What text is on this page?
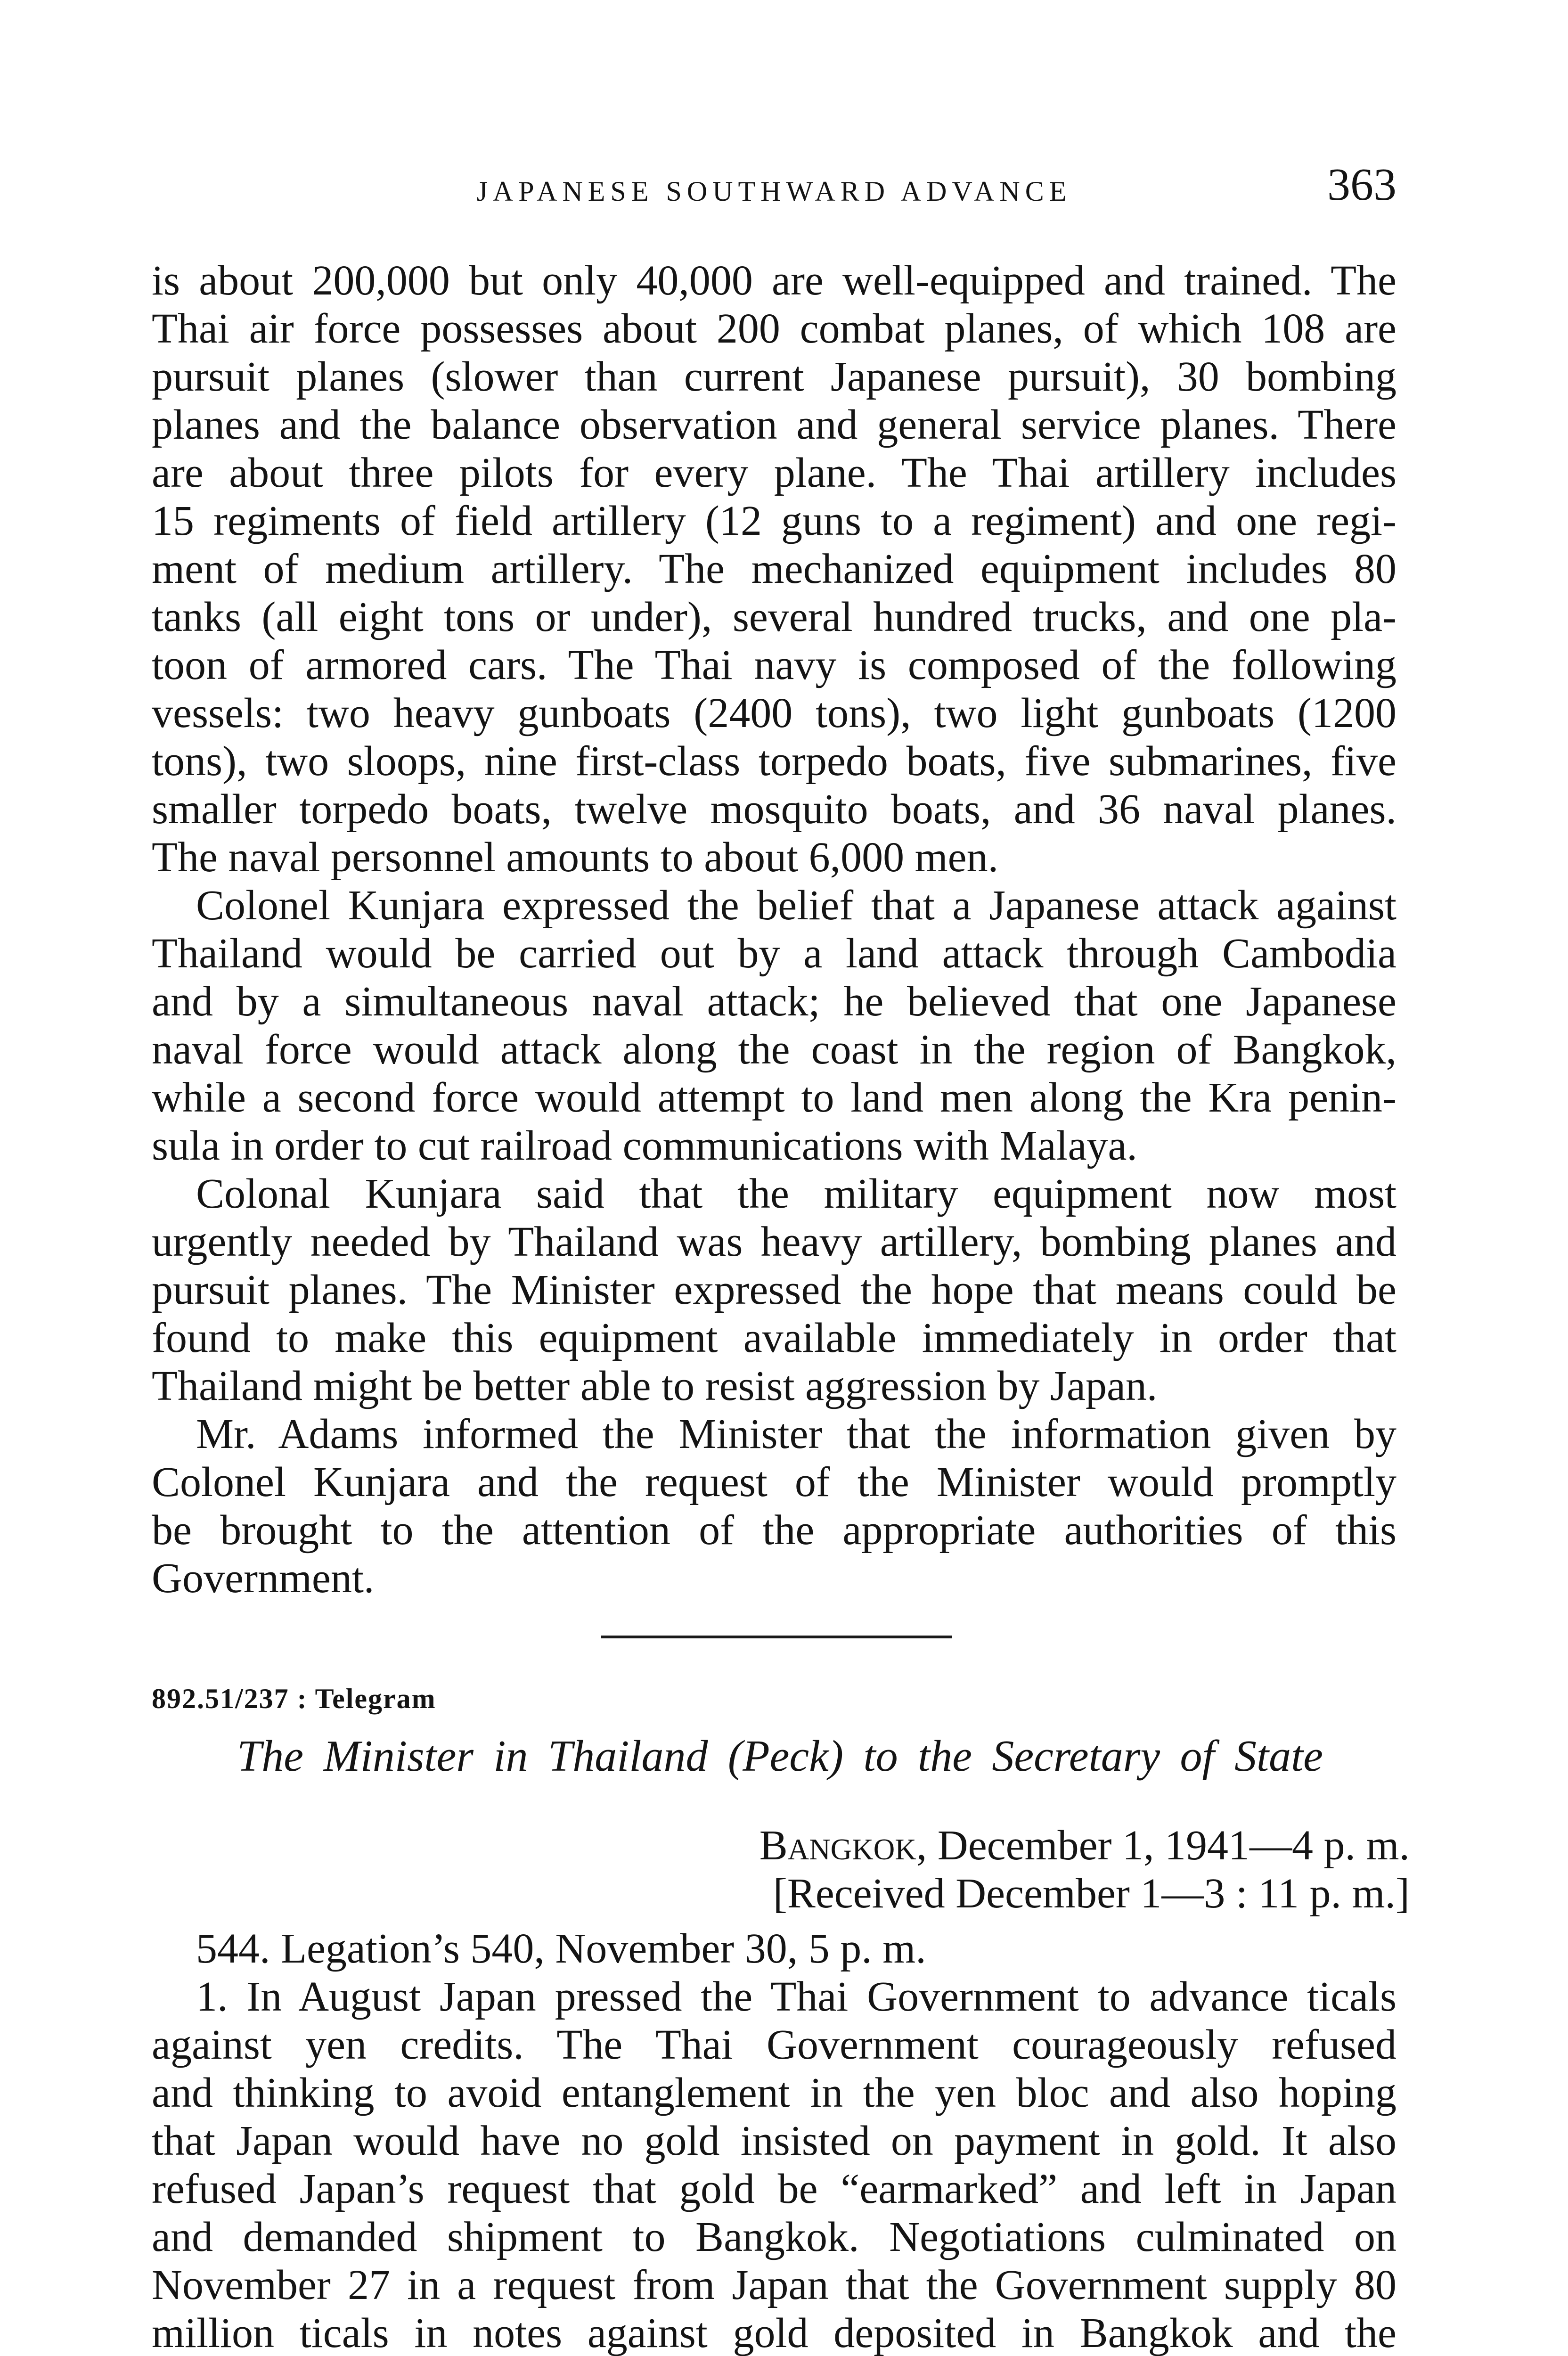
JAPANESE SOUTHWARD ADVANCE	363
is about 200,000 but only 40,000 are well-equipped and trained. The
Thai air force possesses about 200 combat planes, of which 108 are
pursuit planes (slower than current Japanese pursuit), 30 bombing
planes and the balance observation and general service planes. There
are about three pilots for every plane. The Thai artillery includes
15 regiments of field artillery (12 guns to a regiment) and one regi-
ment of medium artillery. The mechanized equipment includes 80
tanks (all eight tons or under), several hundred trucks, and one pla-
toon of armored cars. The Thai navy is composed of the following
vessels: two heavy gunboats (2400 tons), two light gunboats (1200
tons), two sloops, nine first-class torpedo boats, five submarines, five
smaller torpedo boats, twelve mosquito boats, and 36 naval planes.
The naval personnel amounts to about 6,000 men.
Colonel Kunjara expressed the belief that a Japanese attack against
Thailand would be carried out by a land attack through Cambodia
and by a simultaneous naval attack; he believed that one Japanese
naval force would attack along the coast in the region of Bangkok,
while a second force would attempt to land men along the Kra penin-
sula in order to cut railroad communications with Malaya.
Colonal Kunjara said that the military equipment now most
urgently needed by Thailand was heavy artillery, bombing planes and
pursuit planes. The Minister expressed the hope that means could be
found to make this equipment available immediately in order that
Thailand might be better able to resist aggression by Japan.
Mr. Adams informed the Minister that the information given by
Colonel Kunjara and the request of the Minister would promptly
be brought to the attention of the appropriate authorities of this
Government.
892.51/237 : Telegram
The Minister in Thailand (Peck) to the Secretary of State
Bangkok, December 1, 1941—4 p. m.
[Received December 1—3 : 11 p. m.]
544. Legation’s 540, November 30, 5 p. m.
1. In August Japan pressed the Thai Government to advance ticals
against yen credits. The Thai Government courageously refused
and thinking to avoid entanglement in the yen bloc and also hoping
that Japan would have no gold insisted on payment in gold. It also
refused Japan’s request that gold be “earmarked” and left in Japan
and demanded shipment to Bangkok. Negotiations culminated on
November 27 in a request from Japan that the Government supply 80
million ticals in notes against gold deposited in Bangkok and the
